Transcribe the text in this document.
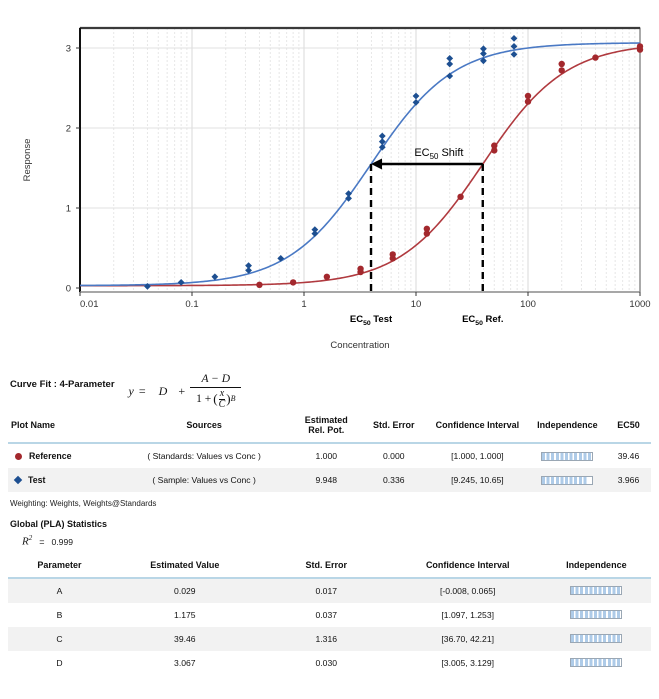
0
1
2
3
0.01	0.1	1	10	100	1000
Response
Concentration
$EC_{50}$ Shift
$EC_{50}$ Test	$EC_{50}$ Ref.
Curve Fit : 4-Parameter y =	D +
A − D
1 + ( $\frac{x}{C}$ ) B
Plot Name	Sources	Estimated
Rel. Pot.	Std. Error	Confidence Interval	Independence	EC50

Reference	( Standards: Values vs Conc )	1.000	0.000	[1.000, 1.000]		39.46

Test	( Sample: Values vs Conc )	9.948	0.336	[9.245, 10.65]		3.966
Weighting: Weights, Weights@Standards
Global (PLA) Statistics
$R^2 = 0.999$
Parameter	Estimated Value	Std. Error	Confidence Interval	Independence
A	0.029	0.017	[-0.008, 0.065]	

B	1.175	0.037	[1.097, 1.253]	

C	39.46	1.316	[36.70, 42.21]	

D	3.067	0.030	[3.005, 3.129]	
